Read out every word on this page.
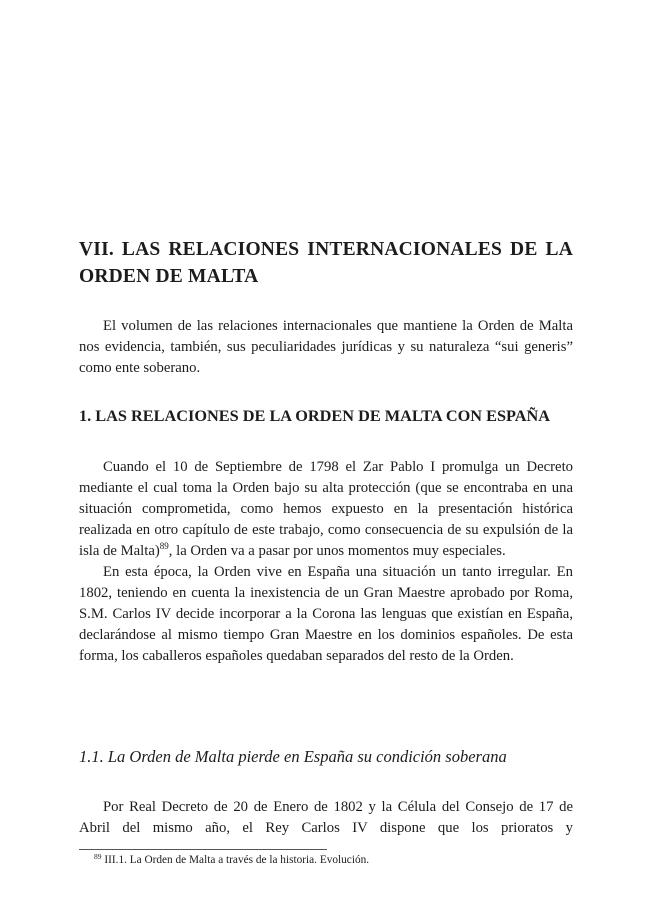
VII. LAS RELACIONES INTERNACIONALES DE LA ORDEN DE MALTA

El volumen de las relaciones internacionales que mantiene la Orden de Malta nos evidencia, también, sus peculiaridades jurídicas y su naturaleza “sui generis” como ente soberano.

1. LAS RELACIONES DE LA ORDEN DE MALTA CON ESPAÑA

Cuando el 10 de Septiembre de 1798 el Zar Pablo I promulga un Decreto mediante el cual toma la Orden bajo su alta protección (que se encontraba en una situación comprometida, como hemos expuesto en la presentación histórica realizada en otro capítulo de este trabajo, como consecuencia de su expulsión de la isla de Malta)$^{89}$, la Orden va a pasar por unos momentos muy especiales.

En esta época, la Orden vive en España una situación un tanto irregular. En 1802, teniendo en cuenta la inexistencia de un Gran Maestre aprobado por Roma, S.M. Carlos IV decide incorporar a la Corona las lenguas que existían en España, declarándose al mismo tiempo Gran Maestre en los dominios españoles. De esta forma, los caballeros españoles quedaban separados del resto de la Orden.

1.1. La Orden de Malta pierde en España su condición soberana

Por Real Decreto de 20 de Enero de 1802 y la Célula del Consejo de 17 de Abril del mismo año, el Rey Carlos IV dispone que los prioratos y

$^{89}$ III.1. La Orden de Malta a través de la historia. Evolución.
